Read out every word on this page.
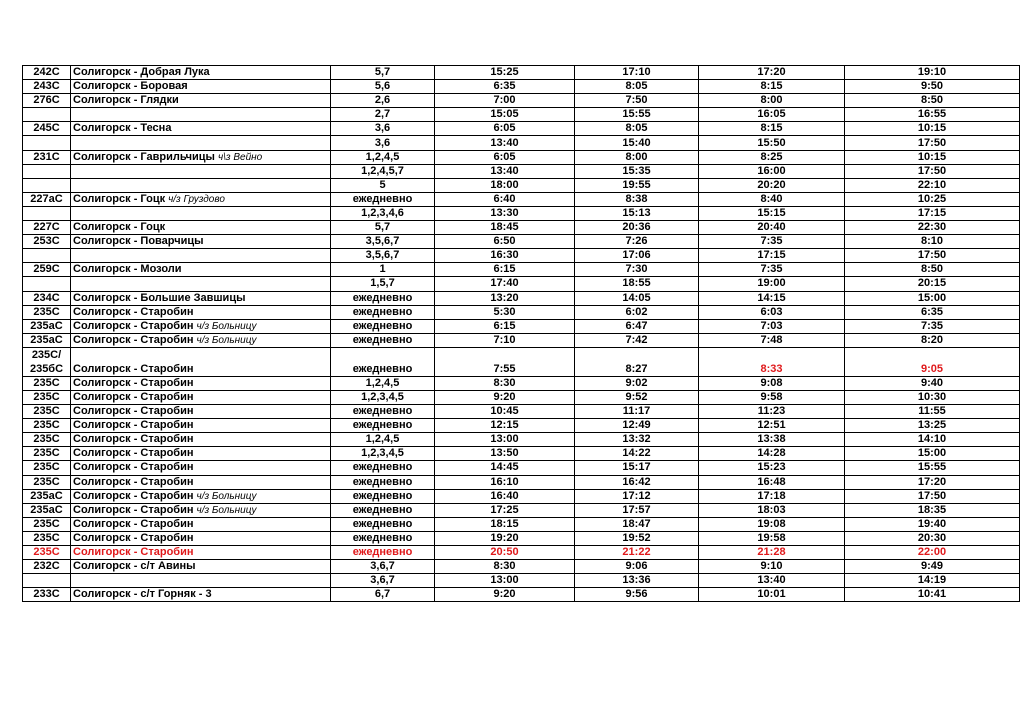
242С	Солигорск - Добрая Лука	5,7	15:25	17:10	17:20	19:10
243С	Солигорск - Боровая	5,6	6:35	8:05	8:15	9:50
276С	Солигорск - Глядки	2,6	7:00	7:50	8:00	8:50
		2,7	15:05	15:55	16:05	16:55
245С	Солигорск - Тесна	3,6	6:05	8:05	8:15	10:15
		3,6	13:40	15:40	15:50	17:50
231С	Солигорск - Гаврильчицы ч\з Вейно	1,2,4,5	6:05	8:00	8:25	10:15
		1,2,4,5,7	13:40	15:35	16:00	17:50
		5	18:00	19:55	20:20	22:10
227аС	Солигорск - Гоцк ч/з Груздово	ежедневно	6:40	8:38	8:40	10:25
		1,2,3,4,6	13:30	15:13	15:15	17:15
227С	Солигорск - Гоцк	5,7	18:45	20:36	20:40	22:30
253С	Солигорск - Поварчицы	3,5,6,7	6:50	7:26	7:35	8:10
		3,5,6,7	16:30	17:06	17:15	17:50
259С	Солигорск - Мозоли	1	6:15	7:30	7:35	8:50
		1,5,7	17:40	18:55	19:00	20:15
234С	Солигорск - Большие Завшицы	ежедневно	13:20	14:05	14:15	15:00
235С	Солигорск - Старобин	ежедневно	5:30	6:02	6:03	6:35
235аС	Солигорск - Старобин ч/з Больницу	ежедневно	6:15	6:47	7:03	7:35
235аС	Солигорск - Старобин ч/з Больницу	ежедневно	7:10	7:42	7:48	8:20

235С/
235бС	Солигорск - Старобин	ежедневно	7:55	8:27	8:33	9:05
235С	Солигорск - Старобин	1,2,4,5	8:30	9:02	9:08	9:40
235С	Солигорск - Старобин	1,2,3,4,5	9:20	9:52	9:58	10:30
235С	Солигорск - Старобин	ежедневно	10:45	11:17	11:23	11:55
235С	Солигорск - Старобин	ежедневно	12:15	12:49	12:51	13:25
235С	Солигорск - Старобин	1,2,4,5	13:00	13:32	13:38	14:10
235С	Солигорск - Старобин	1,2,3,4,5	13:50	14:22	14:28	15:00
235С	Солигорск - Старобин	ежедневно	14:45	15:17	15:23	15:55
235С	Солигорск - Старобин	ежедневно	16:10	16:42	16:48	17:20
235аС	Солигорск - Старобин ч/з Больницу	ежедневно	16:40	17:12	17:18	17:50
235аС	Солигорск - Старобин ч/з Больницу	ежедневно	17:25	17:57	18:03	18:35
235С	Солигорск - Старобин	ежедневно	18:15	18:47	19:08	19:40
235С	Солигорск - Старобин	ежедневно	19:20	19:52	19:58	20:30
235С	Солигорск - Старобин	ежедневно	20:50	21:22	21:28	22:00
232С	Солигорск - с/т Авины	3,6,7	8:30	9:06	9:10	9:49
		3,6,7	13:00	13:36	13:40	14:19
233С	Солигорск - с/т Горняк - 3	6,7	9:20	9:56	10:01	10:41
